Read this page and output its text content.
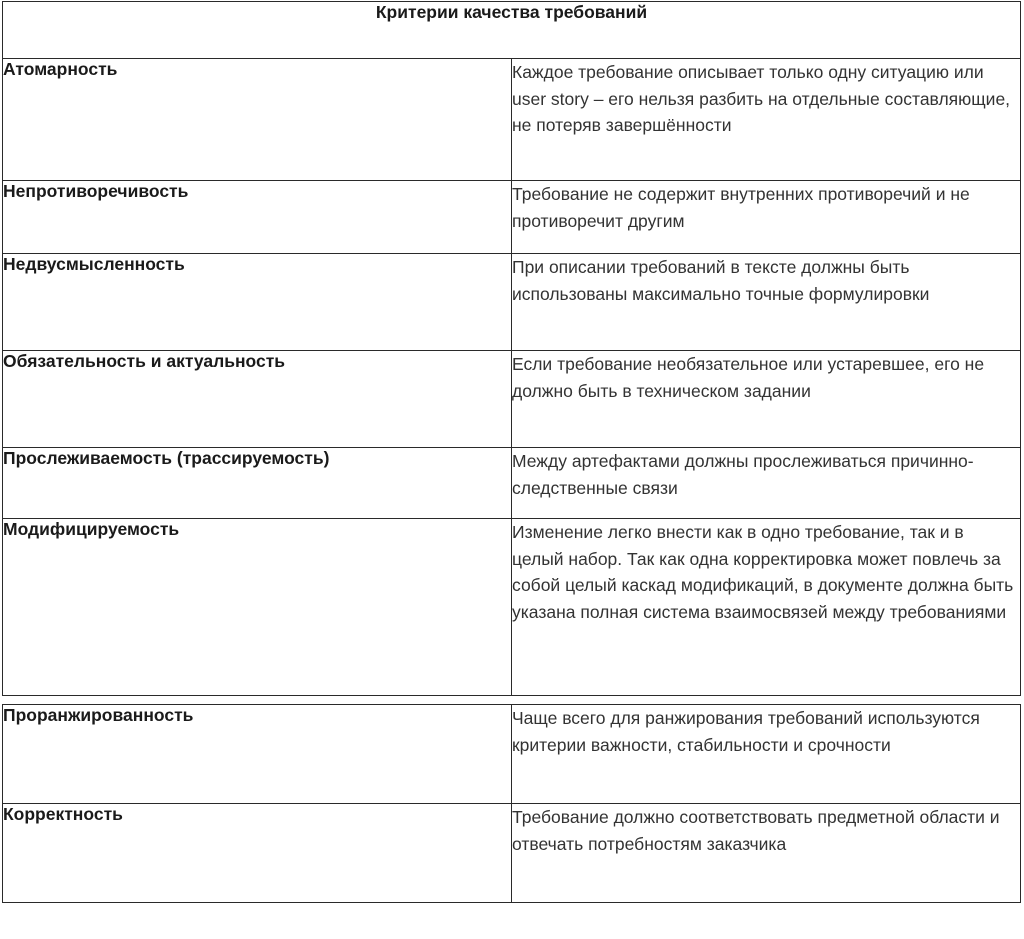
Критерии качества требований	
Атомарность	Каждое требование описывает только одну ситуацию или user story – его нельзя разбить на отдельные составляющие, не потеряв завершённости
Непротиворечивость	Требование не содержит внутренних противоречий и не противоречит другим
Недвусмысленность	При описании требований в тексте должны быть использованы максимально точные формулировки
Обязательность и актуальность	Если требование необязательное или устаревшее, его не должно быть в техническом задании
Прослеживаемость (трассируемость)	Между артефактами должны прослеживаться причинно-следственные связи
Модифицируемость	Изменение легко внести как в одно требование, так и в целый набор. Так как одна корректировка может повлечь за собой целый каскад модификаций, в документе должна быть указана полная система взаимосвязей между требованиями

Проранжированность	Чаще всего для ранжирования требований используются критерии важности, стабильности и срочности
Корректность	Требование должно соответствовать предметной области и отвечать потребностям заказчика
